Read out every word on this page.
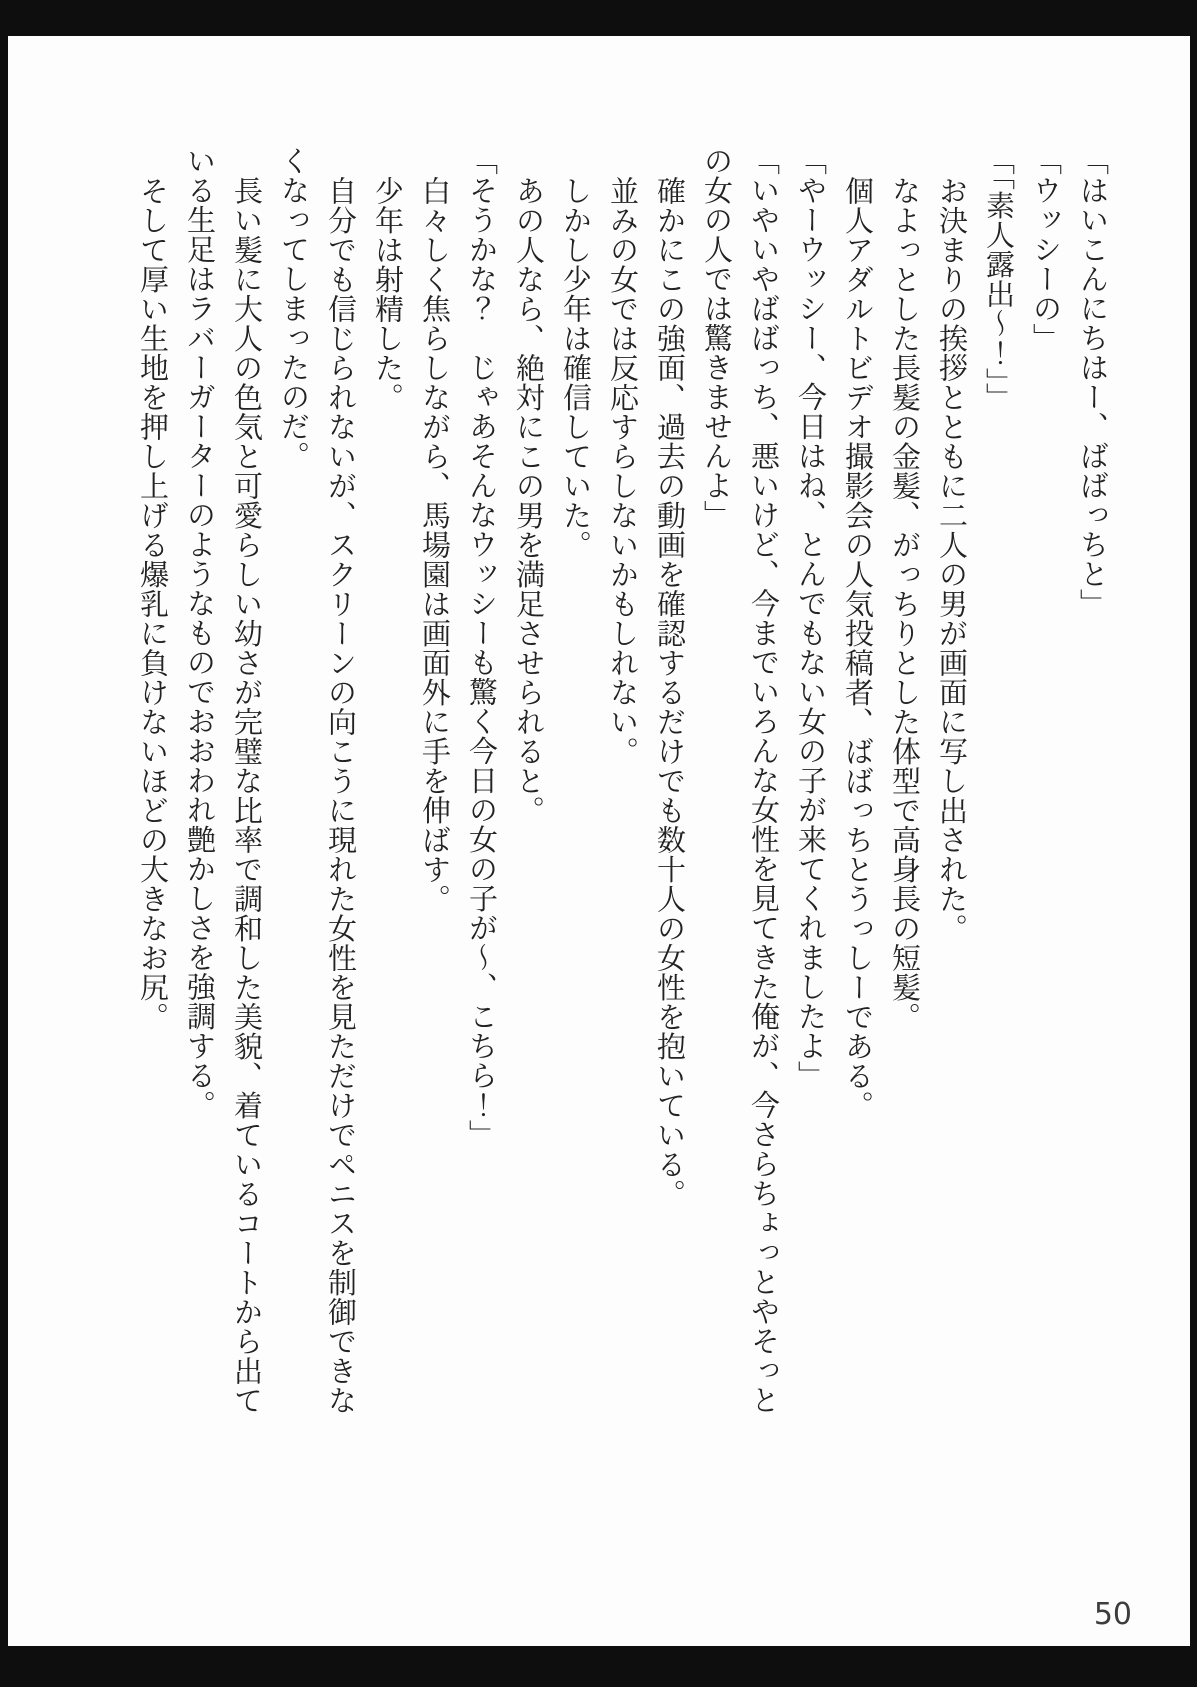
「はいこんにちはー、ばばっちと」

「ウッシーの」

「「素人露出〜！」」

お決まりの挨拶とともに二人の男が画面に写し出された。

なよっとした長髪の金髪、がっちりとした体型で高身長の短髪。

個人アダルトビデオ撮影会の人気投稿者、ばばっちとうっしーである。

「やーウッシー、今日はね、とんでもない女の子が来てくれましたよ」

「いやいやばばっち、悪いけど、今までいろんな女性を見てきた俺が、今さらちょっとやそっとの女の人では驚きませんよ」

確かにこの強面、過去の動画を確認するだけでも数十人の女性を抱いている。

並みの女では反応すらしないかもしれない。

しかし少年は確信していた。

あの人なら、絶対にこの男を満足させられると。

「そうかな？　じゃあそんなウッシーも驚く今日の女の子が〜、こちら！」

白々しく焦らしながら、馬場園は画面外に手を伸ばす。

少年は射精した。

自分でも信じられないが、スクリーンの向こうに現れた女性を見ただけでペニスを制御できなくなってしまったのだ。

長い髪に大人の色気と可愛らしい幼さが完璧な比率で調和した美貌、着ているコートから出ている生足はラバーガーターのようなものでおおわれ艶かしさを強調する。

そして厚い生地を押し上げる爆乳に負けないほどの大きなお尻。

50
